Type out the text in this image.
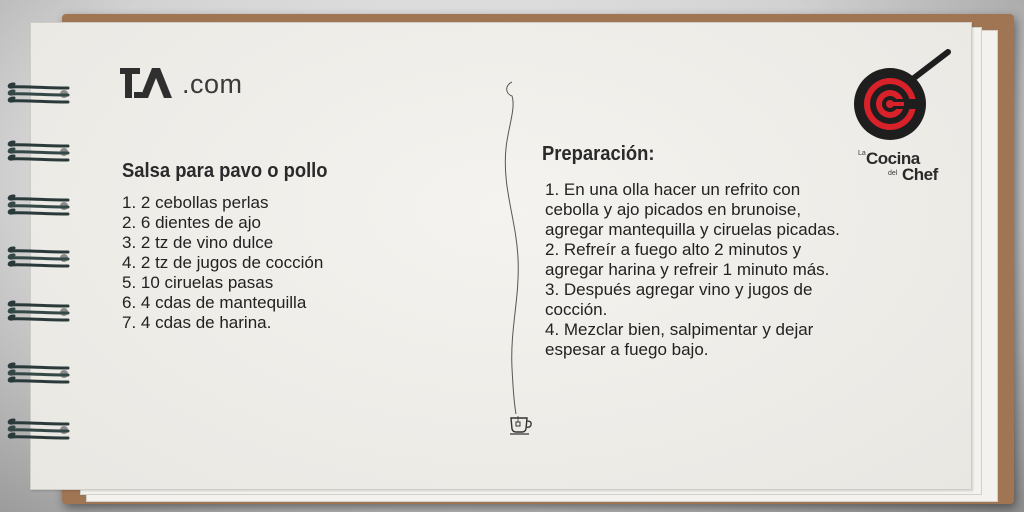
.com
Salsa para pavo o pollo
1. 2 cebollas perlas
2. 6 dientes de ajo
3. 2 tz de vino dulce
4. 2 tz de jugos de cocción
5. 10 ciruelas pasas
6. 4 cdas de mantequilla
7. 4 cdas de harina.
Preparación:

1. En una olla hacer un refrito con

cebolla y ajo picados en brunoise,

agregar mantequilla y ciruelas picadas.

2. Refreír a fuego alto 2 minutos y

agregar harina y refreir 1 minuto más.

3. Después agregar vino y jugos de

cocción.

4. Mezclar bien, salpimentar y dejar

espesar a fuego bajo.

La Cocina
del Chef
